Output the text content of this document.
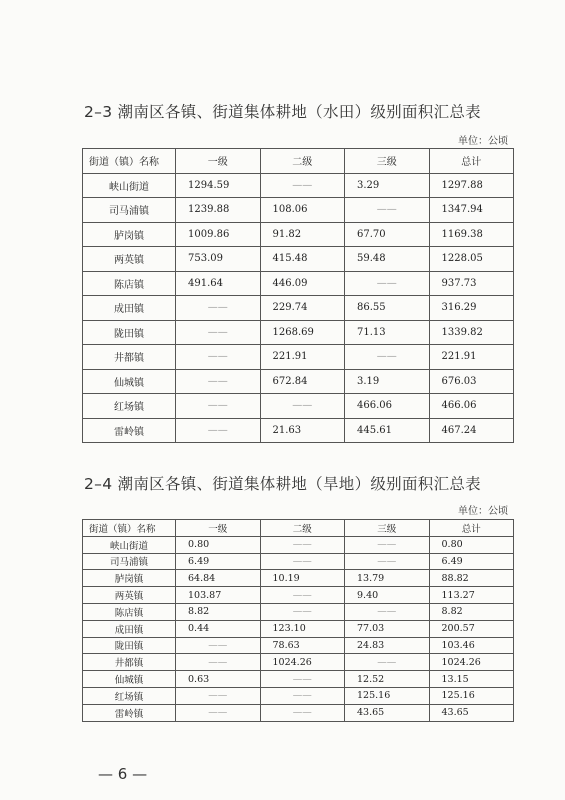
2–3 潮南区各镇、街道集体耕地（水田）级别面积汇总表
单位：公顷
街道（镇）名称	一级	二级	三级	总计
峡山街道	1294.59	——	3.29	1297.88
司马浦镇	1239.88	108.06	——	1347.94
胪岗镇	1009.86	91.82	67.70	1169.38
两英镇	753.09	415.48	59.48	1228.05
陈店镇	491.64	446.09	——	937.73
成田镇	——	229.74	86.55	316.29
陇田镇	——	1268.69	71.13	1339.82
井都镇	——	221.91	——	221.91
仙城镇	——	672.84	3.19	676.03
红场镇	——	——	466.06	466.06
雷岭镇	——	21.63	445.61	467.24
2–4 潮南区各镇、街道集体耕地（旱地）级别面积汇总表
单位：公顷
街道（镇）名称	一级	二级	三级	总计
峡山街道	0.80	——	——	0.80
司马浦镇	6.49	——	——	6.49
胪岗镇	64.84	10.19	13.79	88.82
两英镇	103.87	——	9.40	113.27
陈店镇	8.82	——	——	8.82
成田镇	0.44	123.10	77.03	200.57
陇田镇	——	78.63	24.83	103.46
井都镇	——	1024.26	——	1024.26
仙城镇	0.63	——	12.52	13.15
红场镇	——	——	125.16	125.16
雷岭镇	——	——	43.65	43.65
— 6 —
